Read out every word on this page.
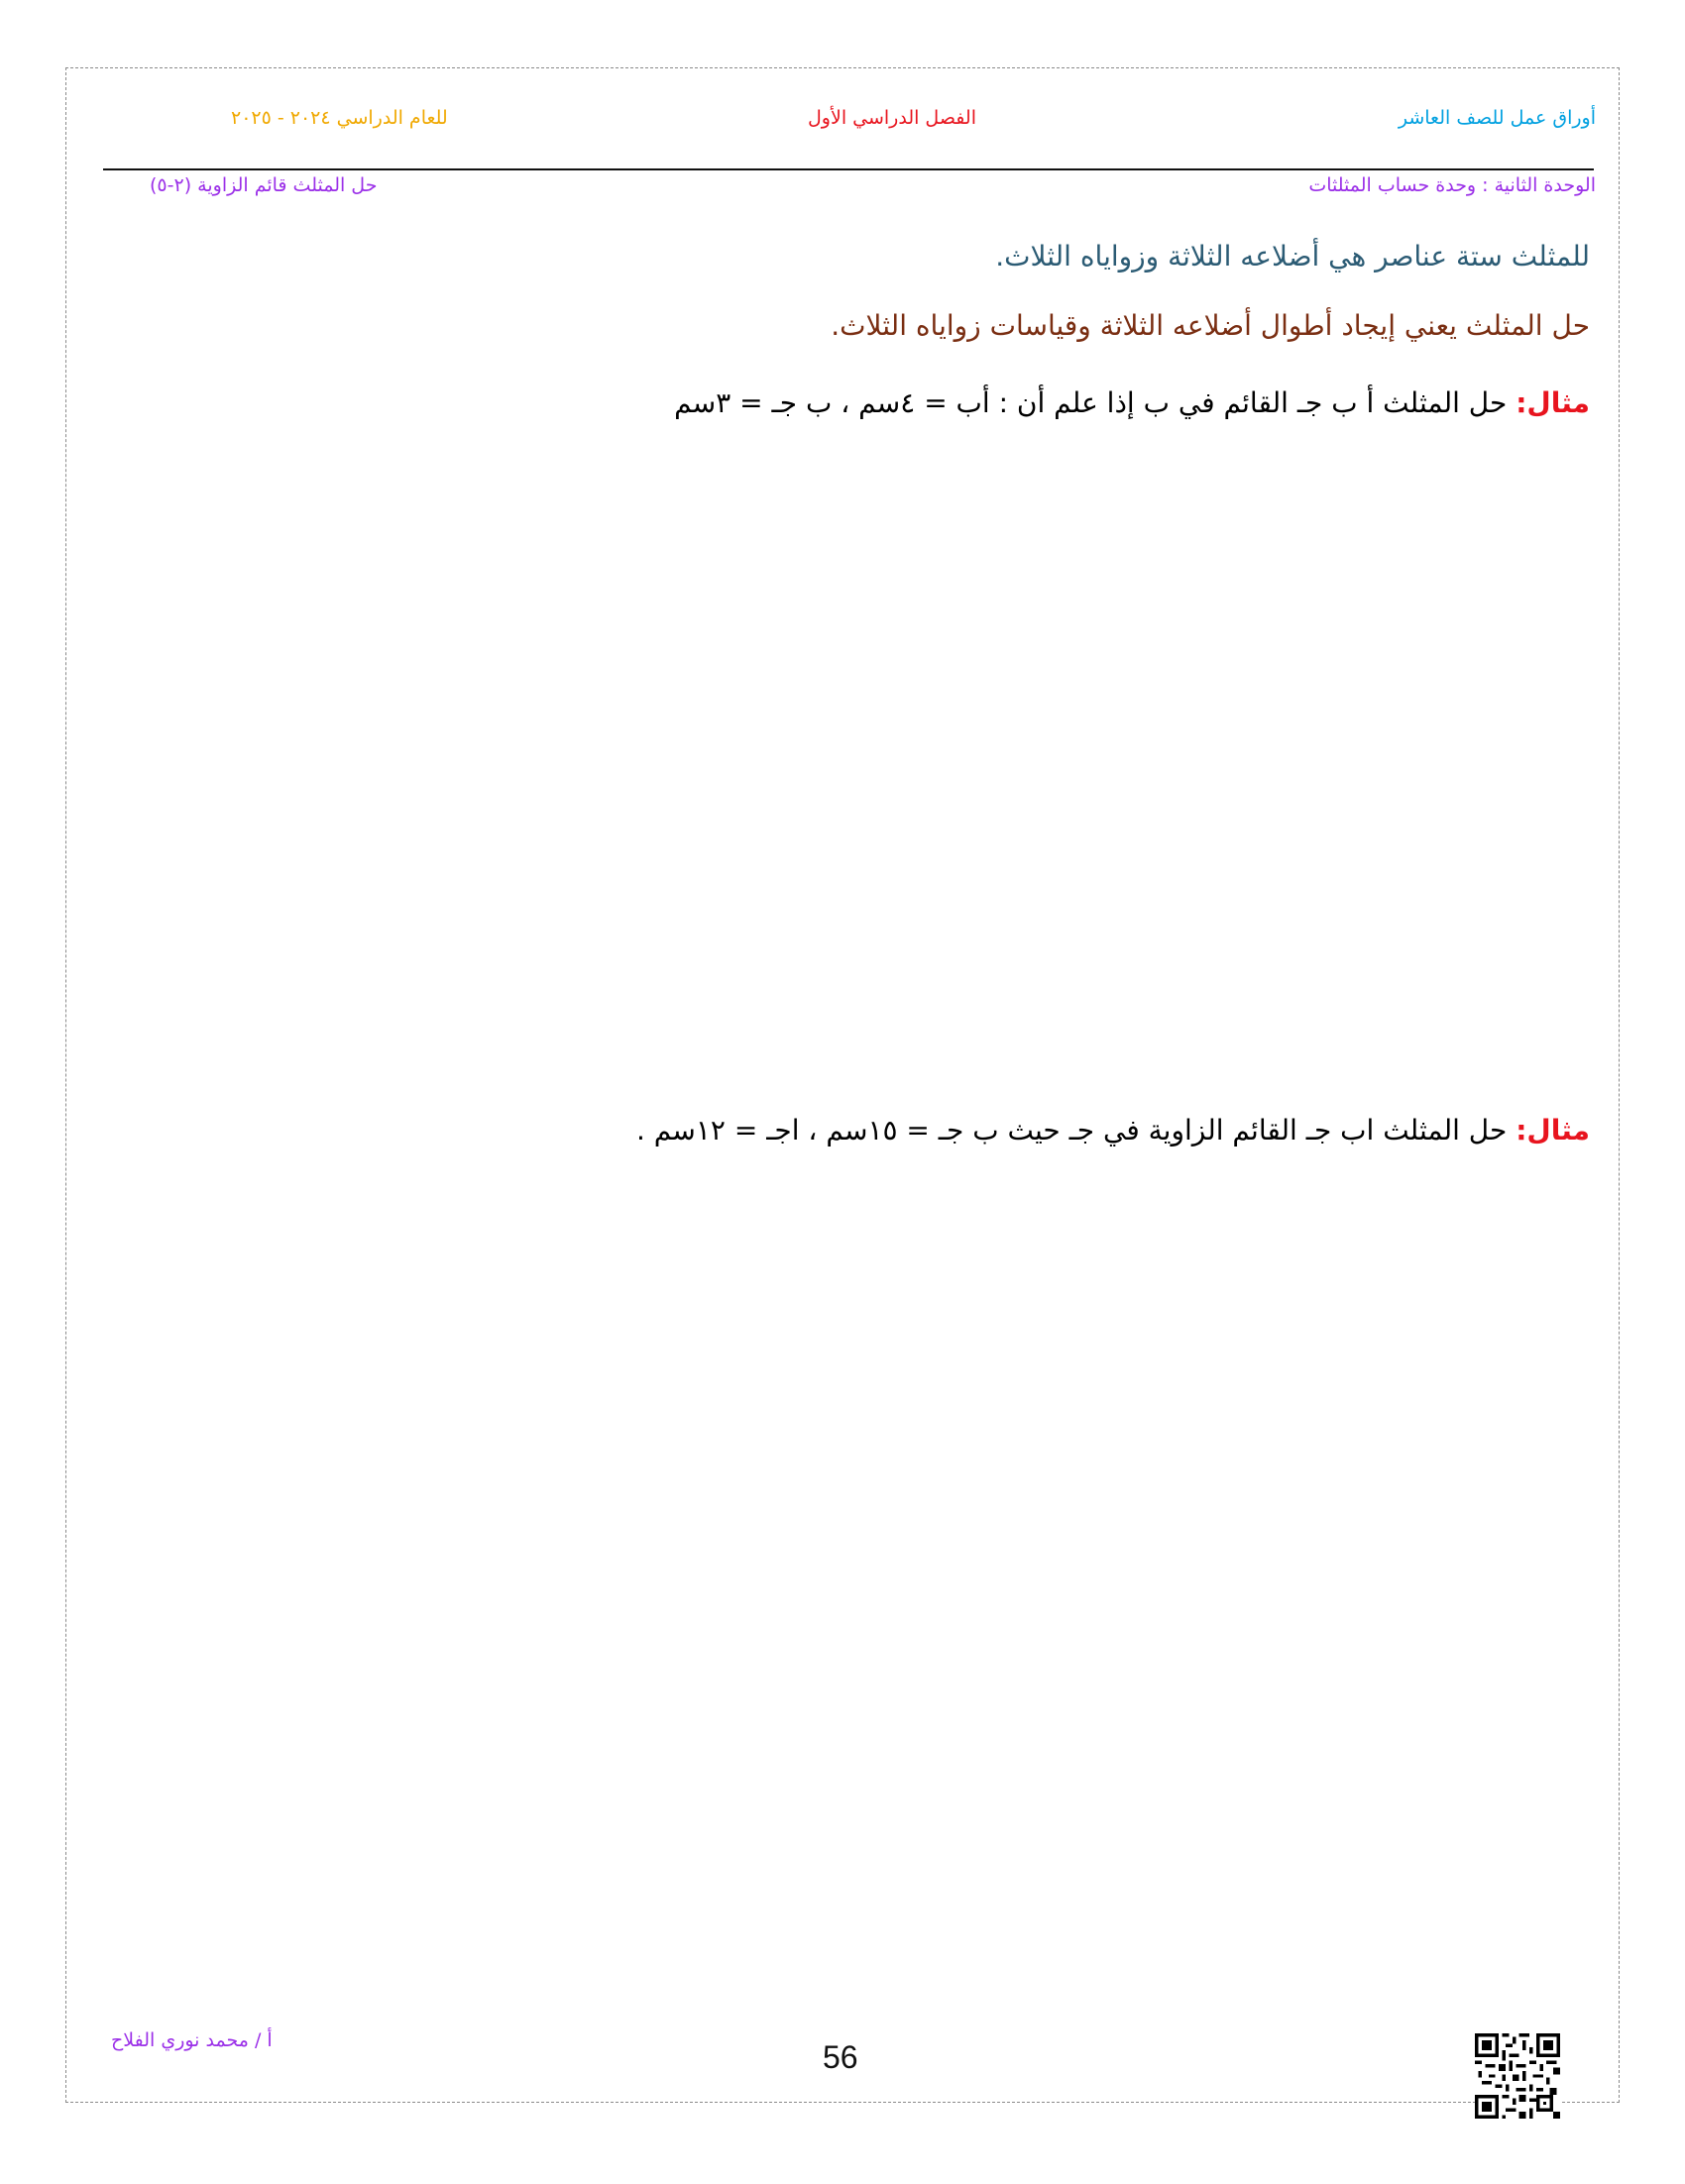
أوراق عمل للصف العاشر
الفصل الدراسي الأول
للعام الدراسي ٢٠٢٤ - ٢٠٢٥
الوحدة الثانية : وحدة حساب المثلثات
حل المثلث قائم الزاوية (٢-٥)
للمثلث ستة عناصر هي أضلاعه الثلاثة وزواياه الثلاث.
حل المثلث يعني إيجاد أطوال أضلاعه الثلاثة وقياسات زواياه الثلاث.
مثال: حل المثلث أ ب جـ القائم في ب إذا علم أن : أب = ٤سم ، ب جـ = ٣سم
مثال: حل المثلث اب جـ القائم الزاوية في جـ حيث ب جـ = ١٥سم ، اجـ = ١٢سم .
أ / محمد نوري الفلاح	56
